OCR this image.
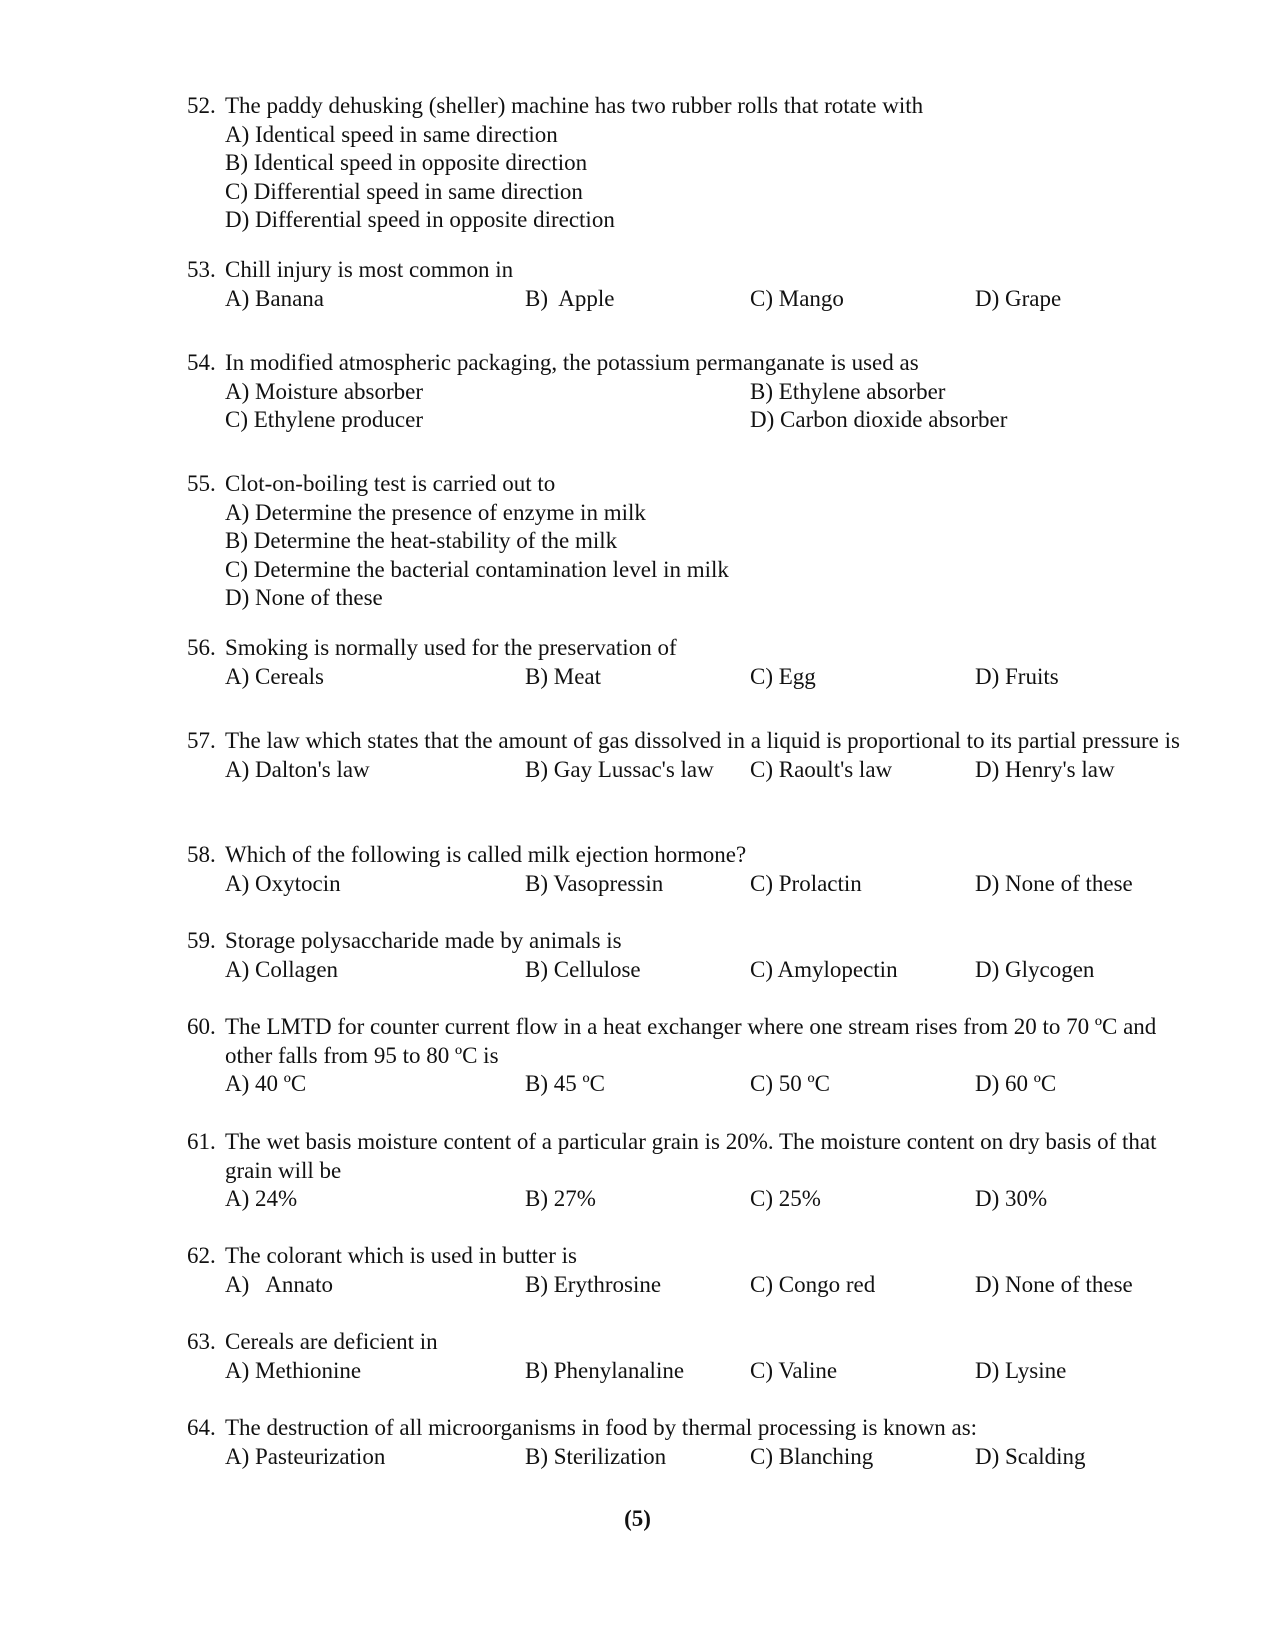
52. The paddy dehusking (sheller) machine has two rubber rolls that rotate with
A) Identical speed in same direction
B) Identical speed in opposite direction
C) Differential speed in same direction
D) Differential speed in opposite direction
53. Chill injury is most common in
A) Banana	B)  Apple	C) Mango	D) Grape
54. In modified atmospheric packaging, the potassium permanganate is used as
A) Moisture absorber	B) Ethylene absorber
C) Ethylene producer	D) Carbon dioxide absorber
55. Clot-on-boiling test is carried out to
A) Determine the presence of enzyme in milk
B) Determine the heat-stability of the milk
C) Determine the bacterial contamination level in milk
D) None of these
56. Smoking is normally used for the preservation of
A) Cereals	B) Meat	C) Egg	D) Fruits
57. The law which states that the amount of gas dissolved in a liquid is proportional to its partial pressure is
A) Dalton's law	B) Gay Lussac's law	C) Raoult's law	D) Henry's law
58. Which of the following is called milk ejection hormone?
A) Oxytocin	B) Vasopressin	C) Prolactin	D) None of these
59. Storage polysaccharide made by animals is
A) Collagen	B) Cellulose	C) Amylopectin	D) Glycogen
60. The LMTD for counter current flow in a heat exchanger where one stream rises from 20 to 70 ºC and other falls from 95 to 80 ºC is
A) 40 ºC	B) 45 ºC	C) 50 ºC	D) 60 ºC
61. The wet basis moisture content of a particular grain is 20%. The moisture content on dry basis of that grain will be
A) 24%	B) 27%	C) 25%	D) 30%
62. The colorant which is used in butter is
A)   Annato	B) Erythrosine	C) Congo red	D) None of these
63. Cereals are deficient in
A) Methionine	B) Phenylanaline	C) Valine	D) Lysine
64. The destruction of all microorganisms in food by thermal processing is known as:
A) Pasteurization	B) Sterilization	C) Blanching	D) Scalding
(5)
